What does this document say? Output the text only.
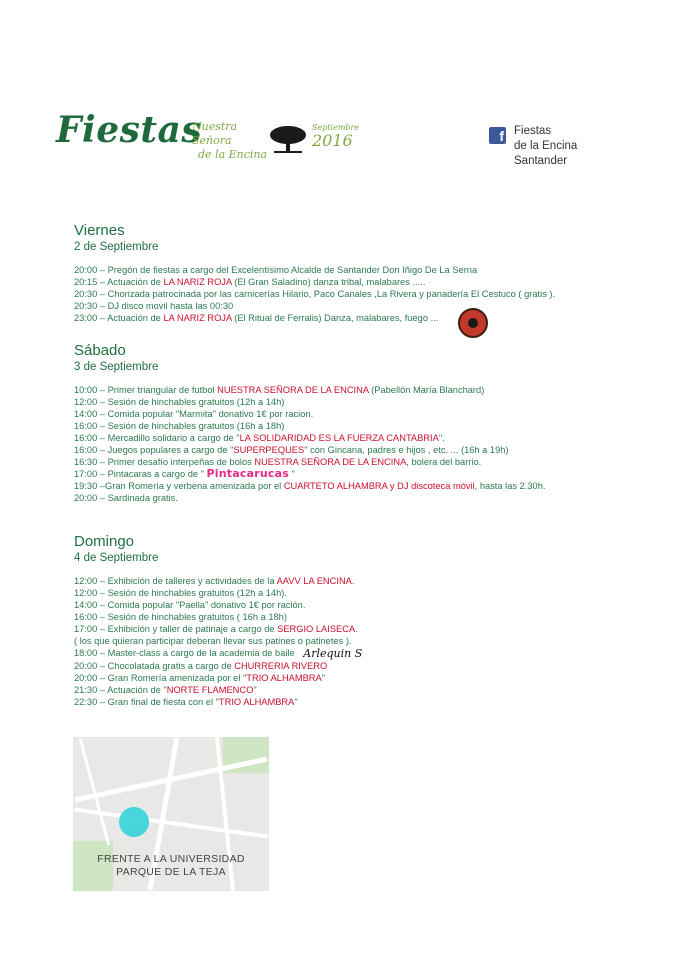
Fiestas
Nuestra Señora
de la Encina
Septiembre
2016	f Fiestas
de la Encina
Santander
Viernes
2 de Septiembre
20:00 – Pregón de fiestas a cargo del Excelentísimo Alcalde de Santander Don Iñigo De La Serna
20:15 – Actuación de LA NARIZ ROJA (El Gran Saladino) danza tribal, malabares .....
20:30 – Chorizada patrocinada por las carnicerías Hilario, Paco Canales ,La Rivera y panadería El Cestuco ( gratis ).
20:30 – DJ disco movil hasta las 00:30
23:00 – Actuación de LA NARIZ ROJA (El Ritual de Ferralis) Danza, malabares, fuego ...
Sábado
3 de Septiembre
10:00 – Primer triangular de futbol NUESTRA SEÑORA DE LA ENCINA (Pabellón María Blanchard)
12:00 – Sesión de hinchables gratuitos (12h a 14h)
14:00 – Comida popular "Marmita" donativo 1€ por racion.
16:00 – Sesión de hinchables gratuitos (16h a 18h)
16:00 – Mercadillo solidario a cargo de "LA SOLIDARIDAD ES LA FUERZA CANTABRIA".
16:00 – Juegos populares a cargo de "SUPERPEQUES" con Gincana, padres e hijos , etc. ... (16h a 19h)
16:30 – Primer desafío interpeñas de bolos NUESTRA SEÑORA DE LA ENCINA, bolera del barrio.
17:00 – Pintacaras a cargo de " Pintacarucas "
19:30 –Gran Romería y verbena amenizada por el CUARTETO ALHAMBRA y DJ discoteca móvil, hasta las 2.30h.
20:00 – Sardinada gratis.
Domingo
4 de Septiembre
12:00 – Exhibición de talleres y actividades de la AAVV LA ENCINA.
12:00 – Sesión de hinchables gratuitos (12h a 14h).
14:00 – Comida popular "Paella" donativo 1€ por ración.
16:00 – Sesión de hinchables gratuitos ( 16h a 18h)
17:00 – Exhibición y taller de patinaje a cargo de SERGIO LAISECA.
( los que quieran participar deberan llevar sus patines o patinetes ).
18:00 – Master-class a cargo de la academia de baile Arlequin S
20:00 – Chocolatada gratis a cargo de CHURRERIA RIVERO
20:00 – Gran Romería amenizada por el "TRIO ALHAMBRA"
21:30 – Actuación de "NORTE FLAMENCO"
22:30 – Gran final de fiesta con el "TRIO ALHAMBRA"
FRENTE A LA UNIVERSIDAD
PARQUE DE LA TEJA
